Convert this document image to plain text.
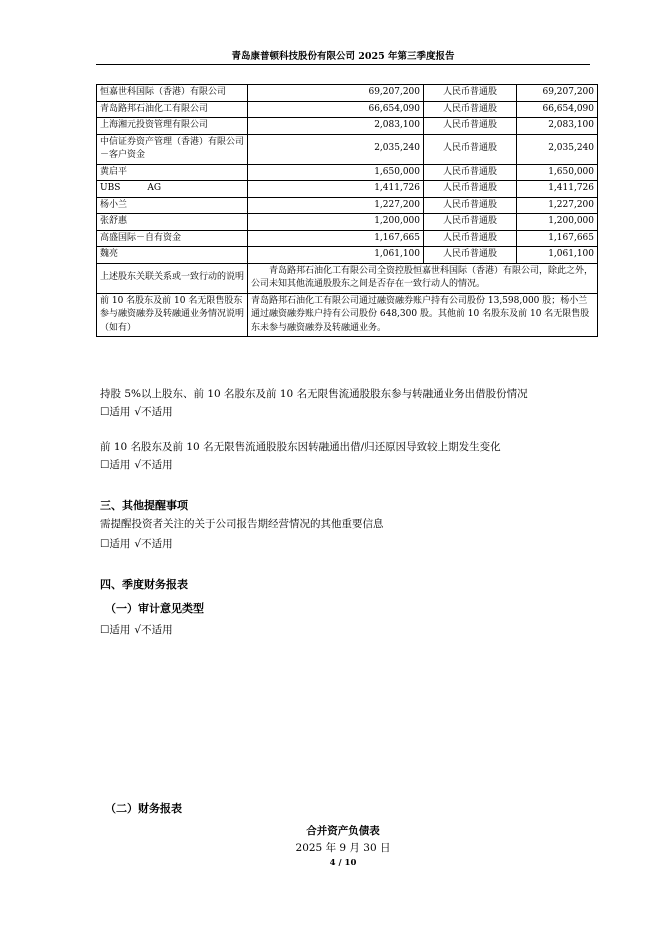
青岛康普顿科技股份有限公司 2025 年第三季度报告
恒嘉世科国际（香港）有限公司	69,207,200	人民币普通股	69,207,200
青岛路邦石油化工有限公司	66,654,090	人民币普通股	66,654,090
上海湘元投资管理有限公司	2,083,100	人民币普通股	2,083,100
中信证券资产管理（香港）有限公司－客户资金	2,035,240	人民币普通股	2,035,240
黄启平	1,650,000	人民币普通股	1,650,000
UBS　　　AG	1,411,726	人民币普通股	1,411,726
杨小兰	1,227,200	人民币普通股	1,227,200
张舒惠	1,200,000	人民币普通股	1,200,000
高盛国际－自有资金	1,167,665	人民币普通股	1,167,665
魏亮	1,061,100	人民币普通股	1,061,100
上述股东关联关系或一致行动的说明	青岛路邦石油化工有限公司全资控股恒嘉世科国际（香港）有限公司，除此之外，公司未知其他流通股股东之间是否存在一致行动人的情况。		
前 10 名股东及前 10 名无限售股东参与融资融券及转融通业务情况说明（如有）	青岛路邦石油化工有限公司通过融资融券账户持有公司股份 13,598,000 股；杨小兰通过融资融券账户持有公司股份 648,300 股。其他前 10 名股东及前 10 名无限售股东未参与融资融券及转融通业务。		
持股 5%以上股东、前 10 名股东及前 10 名无限售流通股股东参与转融通业务出借股份情况
☐适用 √不适用
前 10 名股东及前 10 名无限售流通股股东因转融通出借/归还原因导致较上期发生变化
☐适用 √不适用
三、其他提醒事项
需提醒投资者关注的关于公司报告期经营情况的其他重要信息
☐适用 √不适用
四、季度财务报表
（一）审计意见类型
☐适用 √不适用
（二）财务报表
合并资产负债表
2025 年 9 月 30 日
4 / 10
